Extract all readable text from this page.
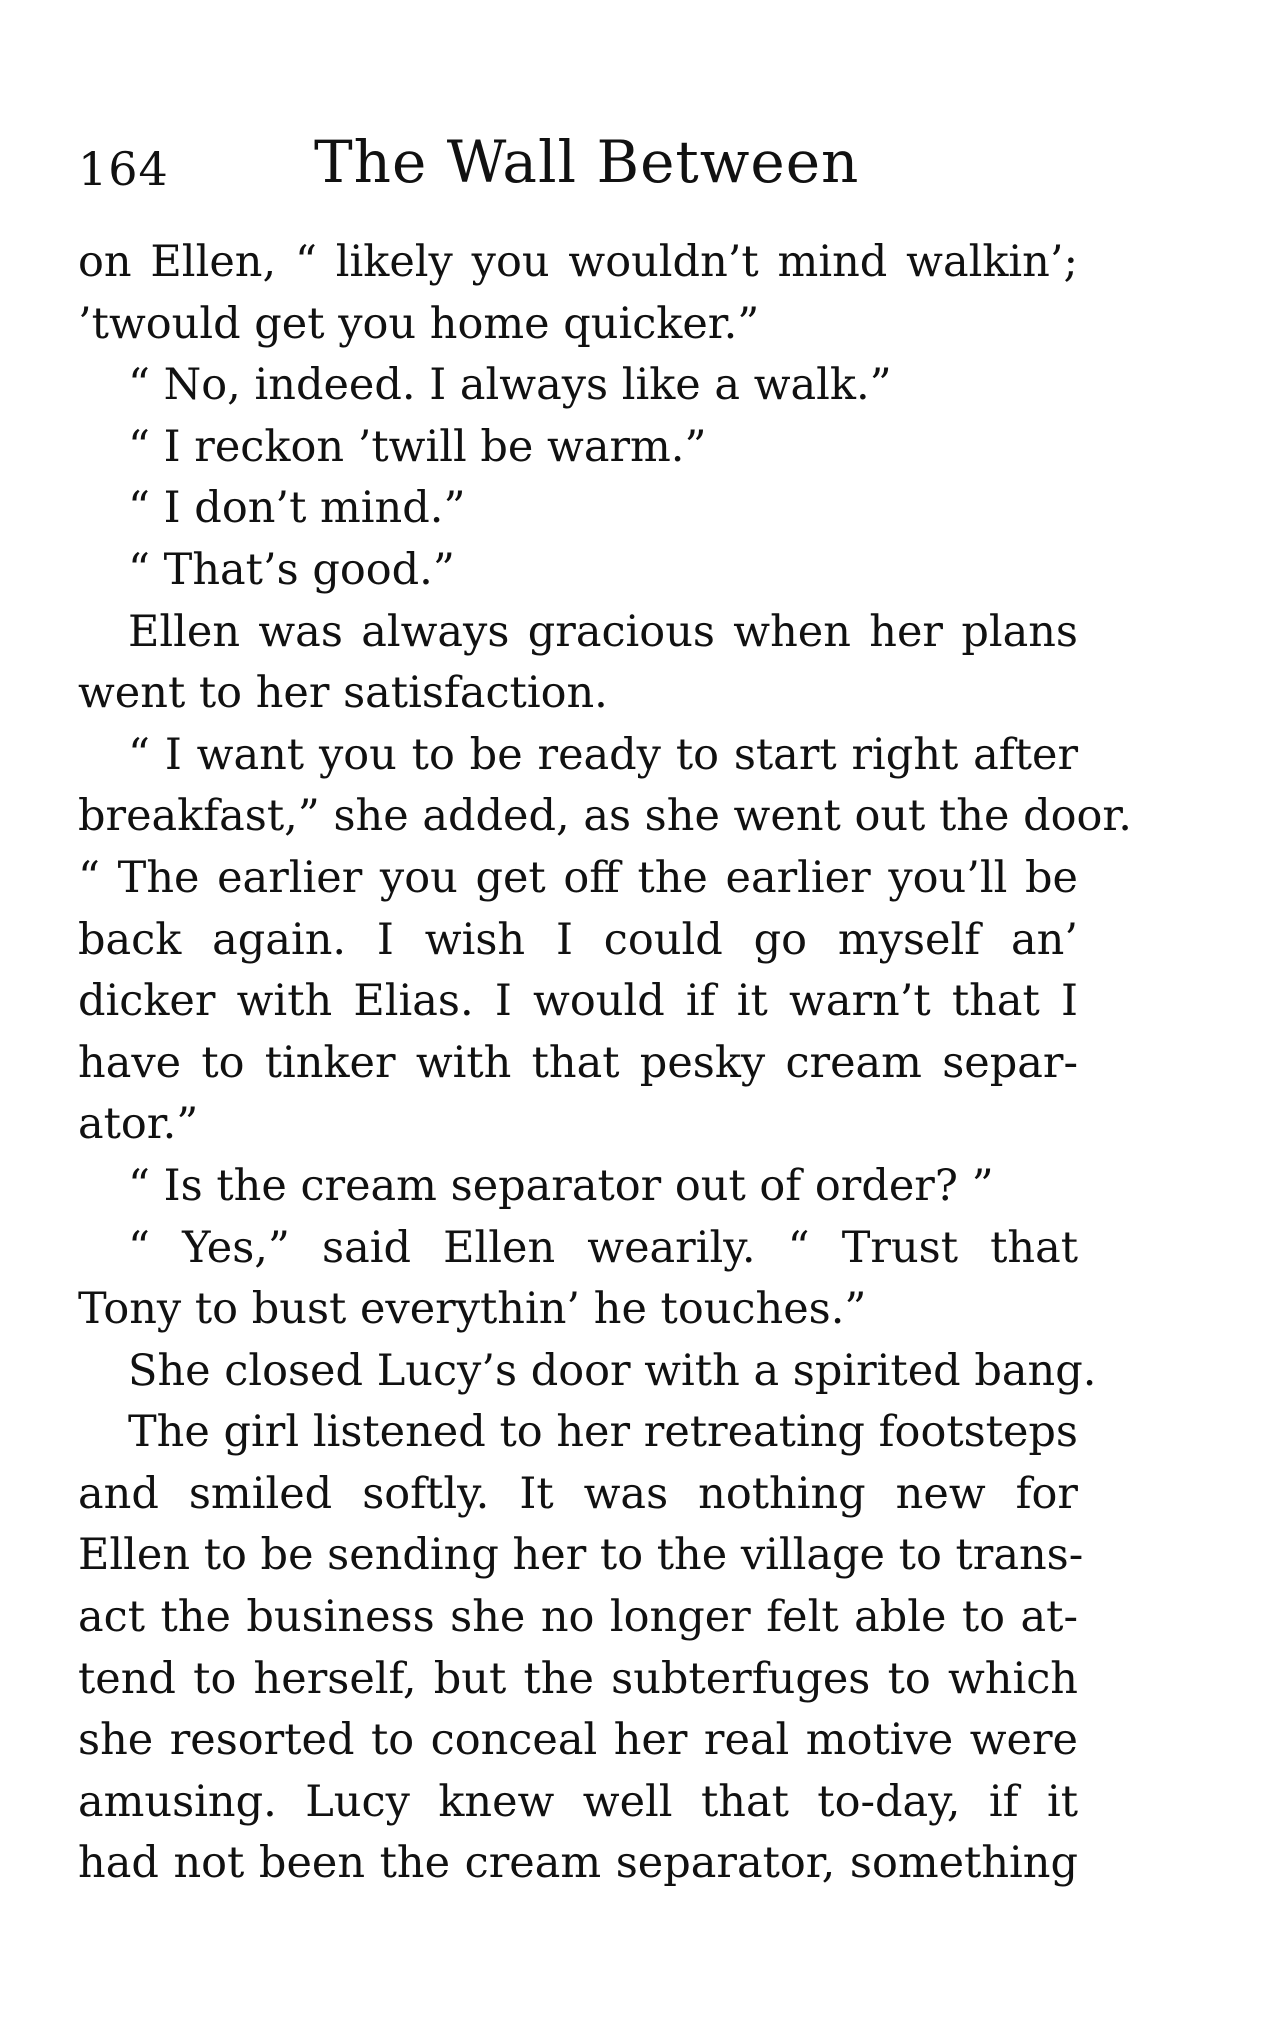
164	The Wall Between
on Ellen, “ likely you wouldn’t mind walkin’;
’twould get you home quicker.”
“ No, indeed. I always like a walk.”
“ I reckon ’twill be warm.”
“ I don’t mind.”
“ That’s good.”
Ellen was always gracious when her plans
went to her satisfaction.
“ I want you to be ready to start right after
breakfast,” she added, as she went out the door.
“ The earlier you get off the earlier you’ll be
back again. I wish I could go myself an’
dicker with Elias. I would if it warn’t that I
have to tinker with that pesky cream separ-
ator.”
“ Is the cream separator out of order? ”
“ Yes,” said Ellen wearily. “ Trust that
Tony to bust everythin’ he touches.”
She closed Lucy’s door with a spirited bang.
The girl listened to her retreating footsteps
and smiled softly. It was nothing new for
Ellen to be sending her to the village to trans-
act the business she no longer felt able to at-
tend to herself, but the subterfuges to which
she resorted to conceal her real motive were
amusing. Lucy knew well that to-day, if it
had not been the cream separator, something
